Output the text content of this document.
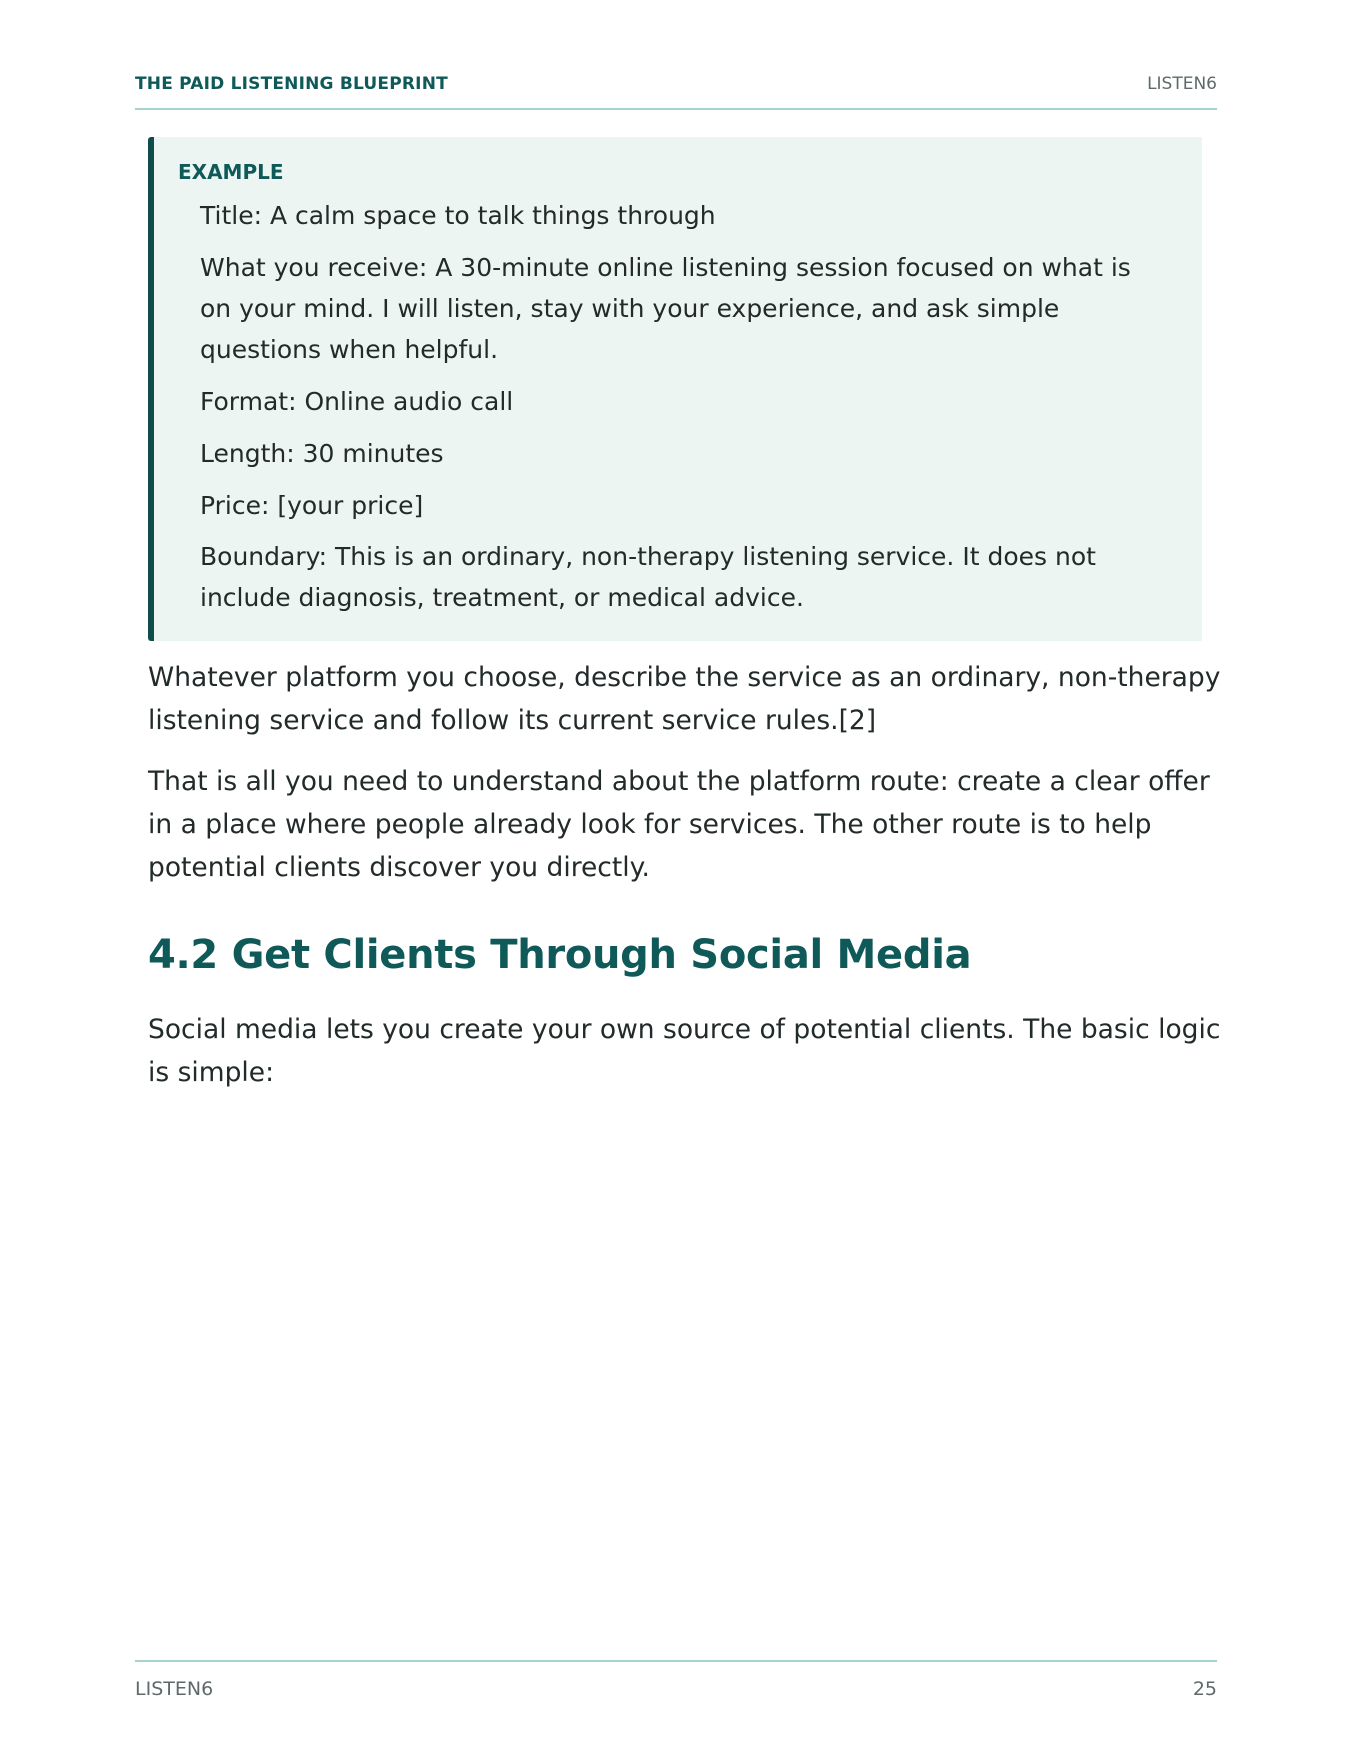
THE PAID LISTENING BLUEPRINT	LISTEN6
EXAMPLE
Title: A calm space to talk things through
What you receive: A 30-minute online listening session focused on what is on your mind. I will listen, stay with your experience, and ask simple questions when helpful.
Format: Online audio call
Length: 30 minutes
Price: [your price]
Boundary: This is an ordinary, non-therapy listening service. It does not include diagnosis, treatment, or medical advice.

Whatever platform you choose, describe the service as an ordinary, non-therapy listening service and follow its current service rules.[2]

That is all you need to understand about the platform route: create a clear offer in a place where people already look for services. The other route is to help potential clients discover you directly.

4.2 Get Clients Through Social Media

Social media lets you create your own source of potential clients. The basic logic is simple:

LISTEN6	25
